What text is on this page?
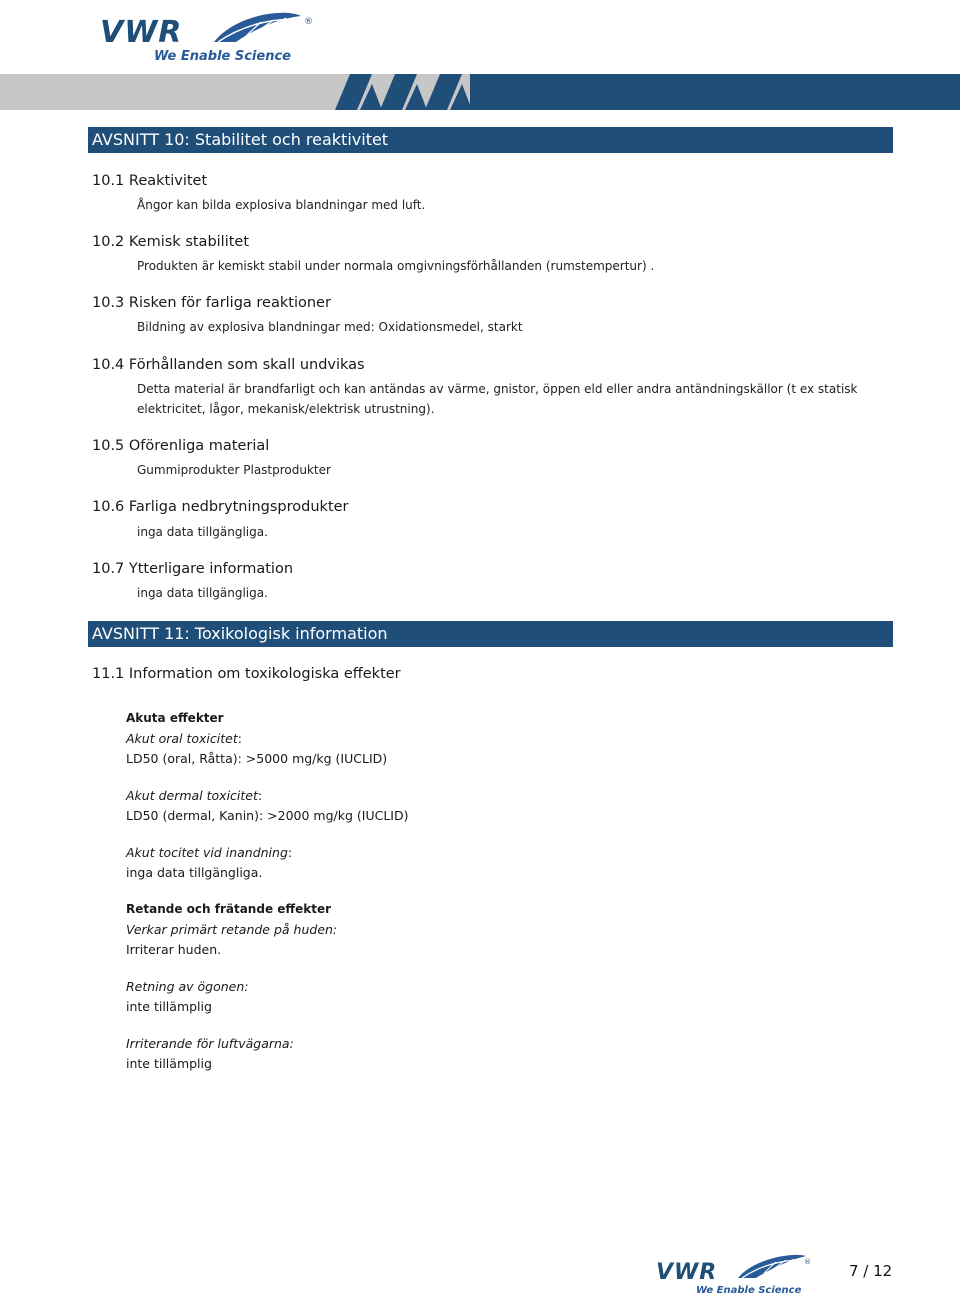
VWR	®
We Enable Science
AVSNITT 10: Stabilitet och reaktivitet
10.1 Reaktivitet
Ångor kan bilda explosiva blandningar med luft.
10.2 Kemisk stabilitet
Produkten är kemiskt stabil under normala omgivningsförhållanden (rumstempertur) .
10.3 Risken för farliga reaktioner
Bildning av explosiva blandningar med: Oxidationsmedel, starkt
10.4 Förhållanden som skall undvikas
Detta material är brandfarligt och kan antändas av värme, gnistor, öppen eld eller andra antändningskällor (t ex statisk
elektricitet, lågor, mekanisk/elektrisk utrustning).
10.5 Oförenliga material
Gummiprodukter Plastprodukter
10.6 Farliga nedbrytningsprodukter
inga data tillgängliga.
10.7 Ytterligare information
inga data tillgängliga.
AVSNITT 11: Toxikologisk information
11.1 Information om toxikologiska effekter
Akuta effekter
Akut oral toxicitet:
LD50 (oral, Råtta): >5000 mg/kg (IUCLID)
Akut dermal toxicitet:
LD50 (dermal, Kanin): >2000 mg/kg (IUCLID)
Akut tocitet vid inandning:
inga data tillgängliga.
Retande och frätande effekter
Verkar primärt retande på huden:
Irriterar huden.
Retning av ögonen:
inte tillämplig
Irriterande för luftvägarna:
inte tillämplig
VWR	®
We Enable Science
7 / 12
